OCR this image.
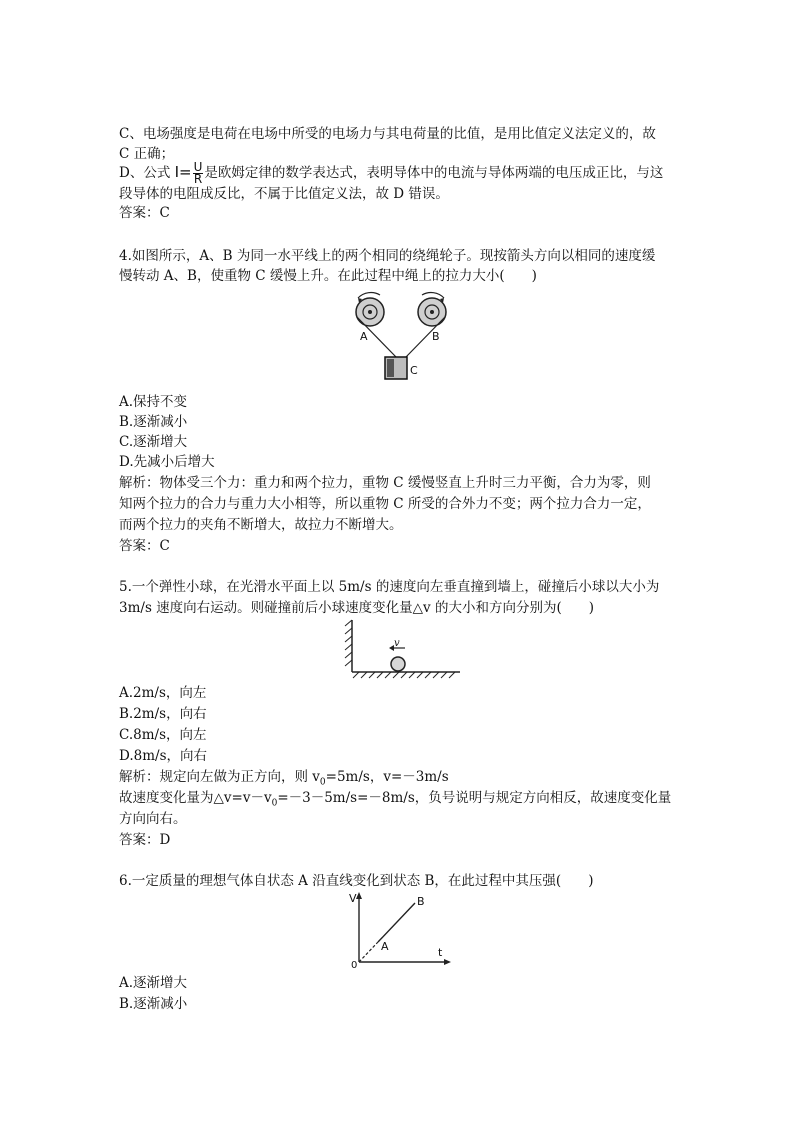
C、电场强度是电荷在电场中所受的电场力与其电荷量的比值，是用比值定义法定义的，故
C 正确；
D、公式 $I= \frac{U}{R}$ 是欧姆定律的数学表达式，表明导体中的电流与导体两端的电压成正比，与这
段导体的电阻成反比，不属于比值定义法，故 D 错误。
答案：C
4.如图所示，A、B 为同一水平线上的两个相同的绕绳轮子。现按箭头方向以相同的速度缓
慢转动 A、B，使重物 C 缓慢上升。在此过程中绳上的拉力大小(　　)
A	B
C
A.保持不变
B.逐渐减小
C.逐渐增大
D.先减小后增大
解析：物体受三个力：重力和两个拉力，重物 C 缓慢竖直上升时三力平衡，合力为零，则
知两个拉力的合力与重力大小相等，所以重物 C 所受的合外力不变；两个拉力合力一定，
而两个拉力的夹角不断增大，故拉力不断增大。
答案：C
5.一个弹性小球，在光滑水平面上以 5m/s 的速度向左垂直撞到墙上，碰撞后小球以大小为
3m/s 速度向右运动。则碰撞前后小球速度变化量△v 的大小和方向分别为(　　)
v
A.2m/s，向左
B.2m/s，向右
C.8m/s，向左
D.8m/s，向右
解析：规定向左做为正方向，则 $v_0=5m/s$，v=－3m/s
故速度变化量为$\triangle v=v-v_0=-3-5m/s=-8m/s$，负号说明与规定方向相反，故速度变化量
方向向右。
答案：D
6.一定质量的理想气体自状态 A 沿直线变化到状态 B，在此过程中其压强(　　)
V
t
0
A
B
A.逐渐增大
B.逐渐减小
